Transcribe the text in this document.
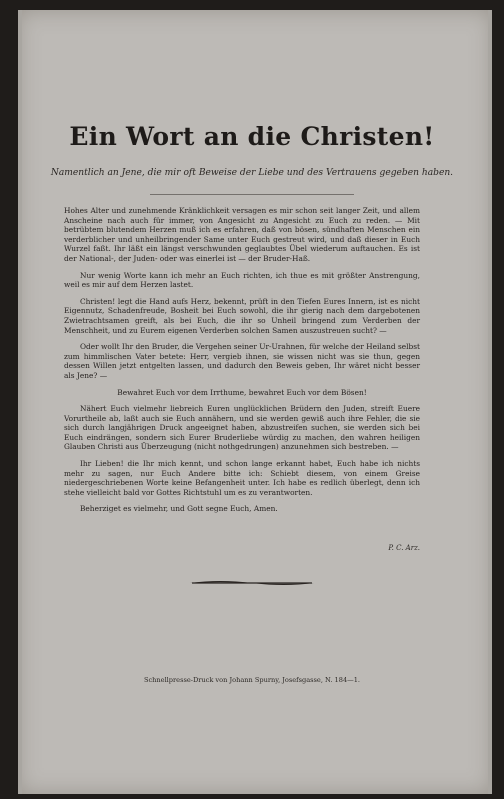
Ein Wort an die Christen!
Namentlich an Jene, die mir oft Beweise der Liebe und des Vertrauens gegeben haben.

Hohes Alter und zunehmende Kränklichkeit versagen es mir schon seit langer Zeit, und allem Anscheine nach auch für immer, von Angesicht zu Angesicht zu Euch zu reden. — Mit betrübtem blutendem Herzen muß ich es erfahren, daß von bösen, sündhaften Menschen ein verderblicher und unheilbringender Same unter Euch gestreut wird, und daß dieser in Euch Wurzel faßt. Ihr läßt ein längst verschwunden geglaubtes Übel wiederum auftauchen. Es ist der National-, der Juden- oder was einerlei ist — der Bruder-Haß.

Nur wenig Worte kann ich mehr an Euch richten, ich thue es mit größter Anstrengung, weil es mir auf dem Herzen lastet.

Christen! legt die Hand aufs Herz, bekennt, prüft in den Tiefen Eures Innern, ist es nicht Eigennutz, Schadenfreude, Bosheit bei Euch sowohl, die ihr gierig nach dem dargebotenen Zwietrachtsamen greift, als bei Euch, die ihr so Unheil bringend zum Verderben der Menschheit, und zu Eurem eigenen Verderben solchen Samen auszustreuen sucht? —

Oder wollt Ihr den Bruder, die Vergehen seiner Ur-Urahnen, für welche der Heiland selbst zum himmlischen Vater betete: Herr, vergieb ihnen, sie wissen nicht was sie thun, gegen dessen Willen jetzt entgelten lassen, und dadurch den Beweis geben, Ihr wäret nicht besser als Jene? —

Bewahret Euch vor dem Irrthume, bewahret Euch vor dem Bösen!

Nähert Euch vielmehr liebreich Euren unglücklichen Brüdern den Juden, streift Euere Vorurtheile ab, laßt auch sie Euch annähern, und sie werden gewiß auch ihre Fehler, die sie sich durch langjährigen Druck angeeignet haben, abzustreifen suchen, sie werden sich bei Euch eindrängen, sondern sich Eurer Bruderliebe würdig zu machen, den wahren heiligen Glauben Christi aus Überzeugung (nicht nothgedrungen) anzunehmen sich bestreben. —

Ihr Lieben! die Ihr mich kennt, und schon lange erkannt habet, Euch habe ich nichts mehr zu sagen, nur Euch Andere bitte ich: Schiebt diesem, von einem Greise niedergeschriebenen Worte keine Befangenheit unter. Ich habe es redlich überlegt, denn ich stehe vielleicht bald vor Gottes Richtstuhl um es zu verantworten.

Beherziget es vielmehr, und Gott segne Euch, Amen.

P. C. Arz.
Schnellpresse-Druck von Johann Spurny, Josefsgasse, N. 184—1.
